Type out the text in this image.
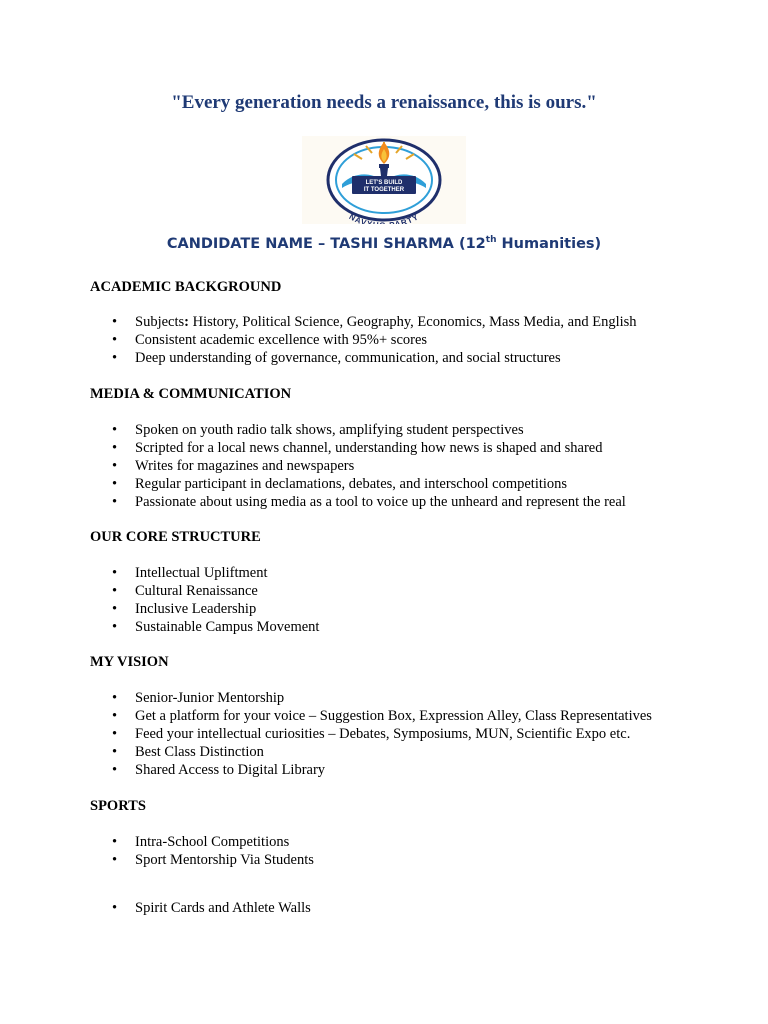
"Every generation needs a renaissance, this is ours."
LET'S BUILD
IT TOGETHER
NAV RTY
CANDIDATE NAME – TASHI SHARMA (12th Humanities)
ACADEMIC BACKGROUND
• Subjects: History, Political Science, Geography, Economics, Mass Media, and English
• Consistent academic excellence with 95%+ scores
• Deep understanding of governance, communication, and social structures
MEDIA & COMMUNICATION
• Spoken on youth radio talk shows, amplifying student perspectives
• Scripted for a local news channel, understanding how news is shaped and shared
• Writes for magazines and newspapers
• Regular participant in declamations, debates, and interschool competitions
• Passionate about using media as a tool to voice up the unheard and represent the real
OUR CORE STRUCTURE
• Intellectual Upliftment
• Cultural Renaissance
• Inclusive Leadership
• Sustainable Campus Movement
MY VISION
• Senior-Junior Mentorship
• Get a platform for your voice – Suggestion Box, Expression Alley, Class Representatives
• Feed your intellectual curiosities – Debates, Symposiums, MUN, Scientific Expo etc.
• Best Class Distinction
• Shared Access to Digital Library
SPORTS
• Intra-School Competitions
• Sport Mentorship Via Students
• Spirit Cards and Athlete Walls
